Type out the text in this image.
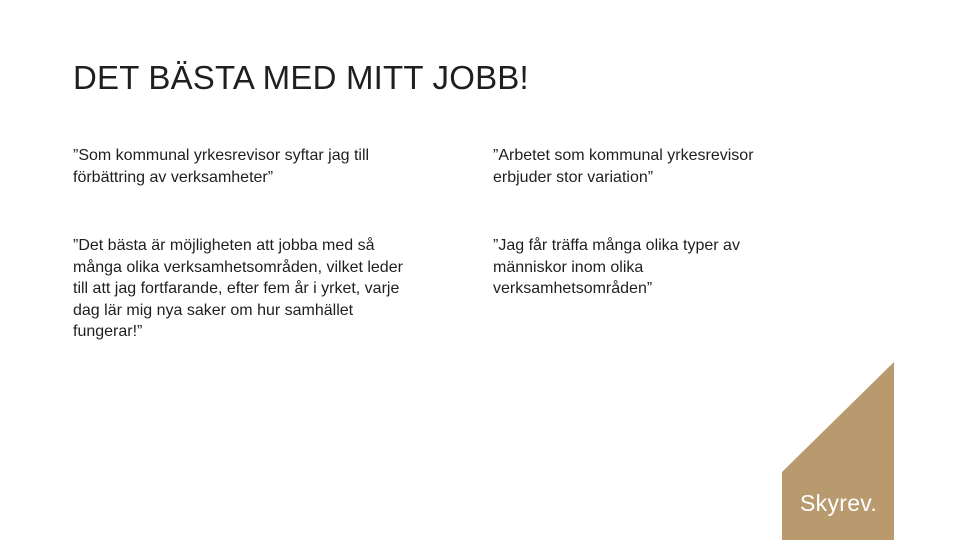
DET BÄSTA MED MITT JOBB!

”Som kommunal yrkesrevisor syftar jag till förbättring av verksamheter”

”Arbetet som kommunal yrkesrevisor erbjuder stor variation”

”Det bästa är möjligheten att jobba med så många olika verksamhetsområden, vilket leder till att jag fortfarande, efter fem år i yrket, varje dag lär mig nya saker om hur samhället fungerar!”

”Jag får träffa många olika typer av människor inom olika verksamhetsområden”

Skyrev.
